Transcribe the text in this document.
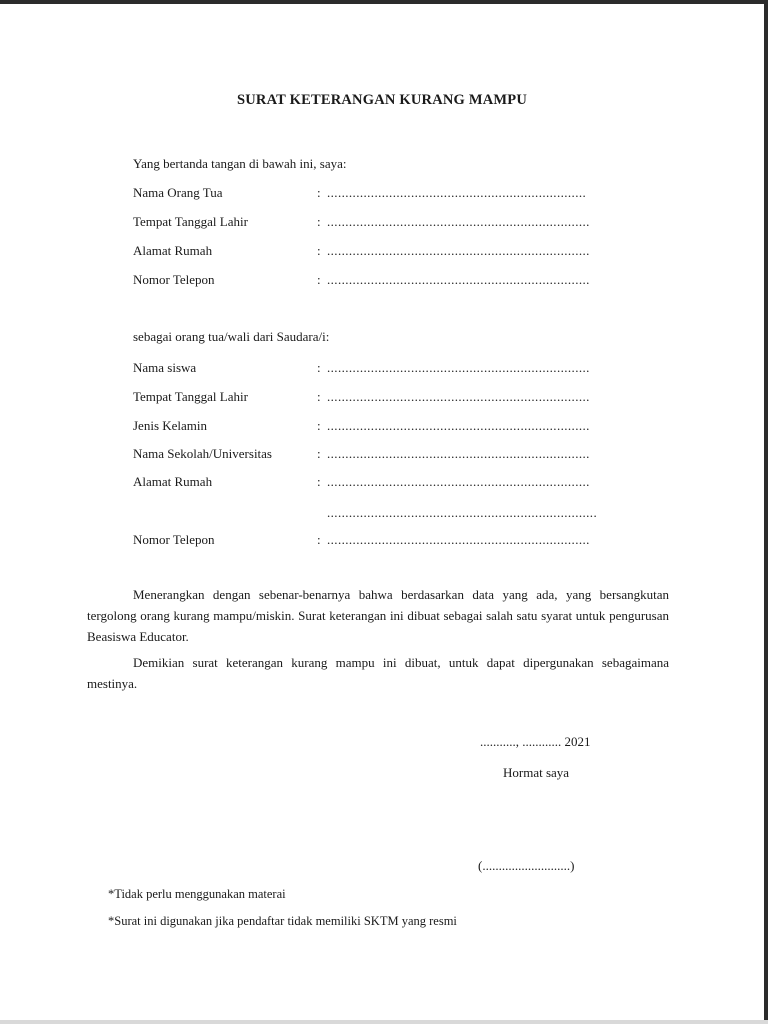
SURAT KETERANGAN KURANG MAMPU
Yang bertanda tangan di bawah ini, saya:
Nama Orang Tua	: .......................................................................
Tempat Tanggal Lahir	: ........................................................................
Alamat Rumah	: ........................................................................
Nomor Telepon	: ........................................................................
sebagai orang tua/wali dari Saudara/i:
Nama siswa	: ........................................................................
Tempat Tanggal Lahir	: ........................................................................
Jenis Kelamin	: ........................................................................
Nama Sekolah/Universitas	: ........................................................................
Alamat Rumah	: ........................................................................
..........................................................................
Nomor Telepon	: ........................................................................

Menerangkan dengan sebenar-benarnya bahwa berdasarkan data yang ada, yang bersangkutan tergolong orang kurang mampu/miskin. Surat keterangan ini dibuat sebagai salah satu syarat untuk pengurusan Beasiswa Educator.

Demikian surat keterangan kurang mampu ini dibuat, untuk dapat dipergunakan sebagaimana mestinya.

..........., ............ 2021
Hormat saya
(...........................)
*Tidak perlu menggunakan materai
*Surat ini digunakan jika pendaftar tidak memiliki SKTM yang resmi
